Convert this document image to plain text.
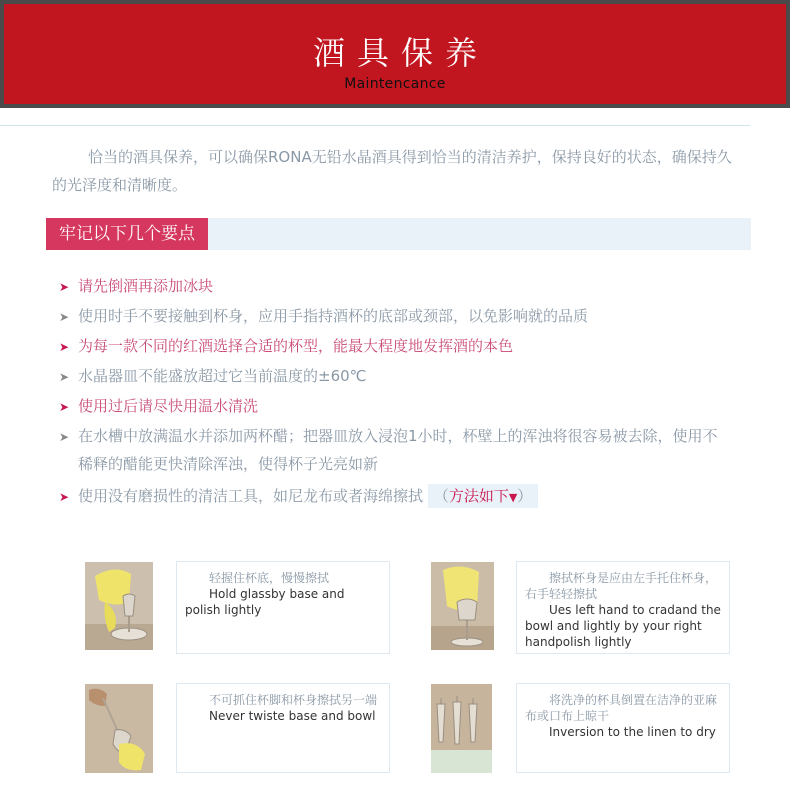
酒具保养
Maintencance

恰当的酒具保养，可以确保RONA无铅水晶酒具得到恰当的清洁养护，保持良好的状态，确保持久的光泽度和清晰度。

牢记以下几个要点
➤ 请先倒酒再添加冰块
➤ 使用时手不要接触到杯身，应用手指持酒杯的底部或颈部，以免影响就的品质
➤ 为每一款不同的红酒选择合适的杯型，能最大程度地发挥酒的本色
➤ 水晶器皿不能盛放超过它当前温度的±60℃
➤ 使用过后请尽快用温水清洗
➤ 在水槽中放满温水并添加两杯醋；把器皿放入浸泡1小时，杯壁上的浑浊将很容易被去除，使用不稀释的醋能更快清除浑浊，使得杯子光亮如新
➤ 使用没有磨损性的清洁工具，如尼龙布或者海绵擦拭 （方法如下▼）
轻握住杯底，慢慢擦拭
Hold glassby base and polish lightly
擦拭杯身是应由左手托住杯身，右手轻轻擦拭
Ues left hand to cradand the bowl and lightly by your right handpolish lightly
不可抓住杯脚和杯身擦拭另一端
Never twiste base and bowl
将洗净的杯具倒置在洁净的亚麻布或口布上晾干
Inversion to the linen to dry
